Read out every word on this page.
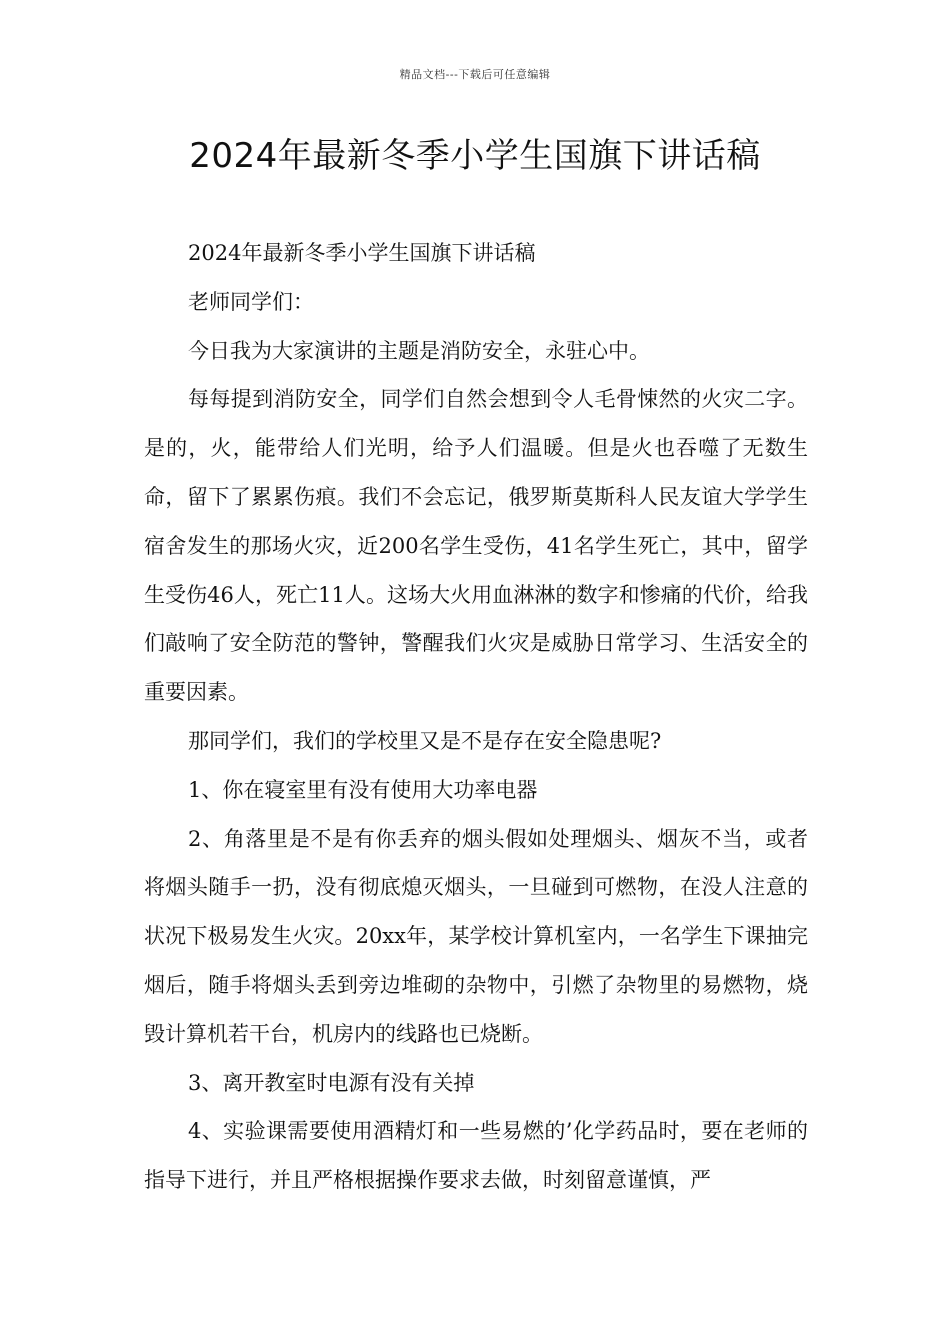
精品文档---下载后可任意编辑
2024年最新冬季小学生国旗下讲话稿

2024年最新冬季小学生国旗下讲话稿

老师同学们：

今日我为大家演讲的主题是消防安全，永驻心中。

每每提到消防安全，同学们自然会想到令人毛骨悚然的火灾二字。是的，火，能带给人们光明，给予人们温暖。但是火也吞噬了无数生命，留下了累累伤痕。我们不会忘记，俄罗斯莫斯科人民友谊大学学生宿舍发生的那场火灾，近200名学生受伤，41名学生死亡，其中，留学生受伤46人，死亡11人。这场大火用血淋淋的数字和惨痛的代价，给我们敲响了安全防范的警钟，警醒我们火灾是威胁日常学习、生活安全的重要因素。

那同学们，我们的学校里又是不是存在安全隐患呢?

1、你在寝室里有没有使用大功率电器

2、角落里是不是有你丢弃的烟头假如处理烟头、烟灰不当，或者将烟头随手一扔，没有彻底熄灭烟头，一旦碰到可燃物，在没人注意的状况下极易发生火灾。20xx年，某学校计算机室内，一名学生下课抽完烟后，随手将烟头丢到旁边堆砌的杂物中，引燃了杂物里的易燃物，烧毁计算机若干台，机房内的线路也已烧断。

3、离开教室时电源有没有关掉

4、实验课需要使用酒精灯和一些易燃的’化学药品时，要在老师的指导下进行，并且严格根据操作要求去做，时刻留意谨慎，严
